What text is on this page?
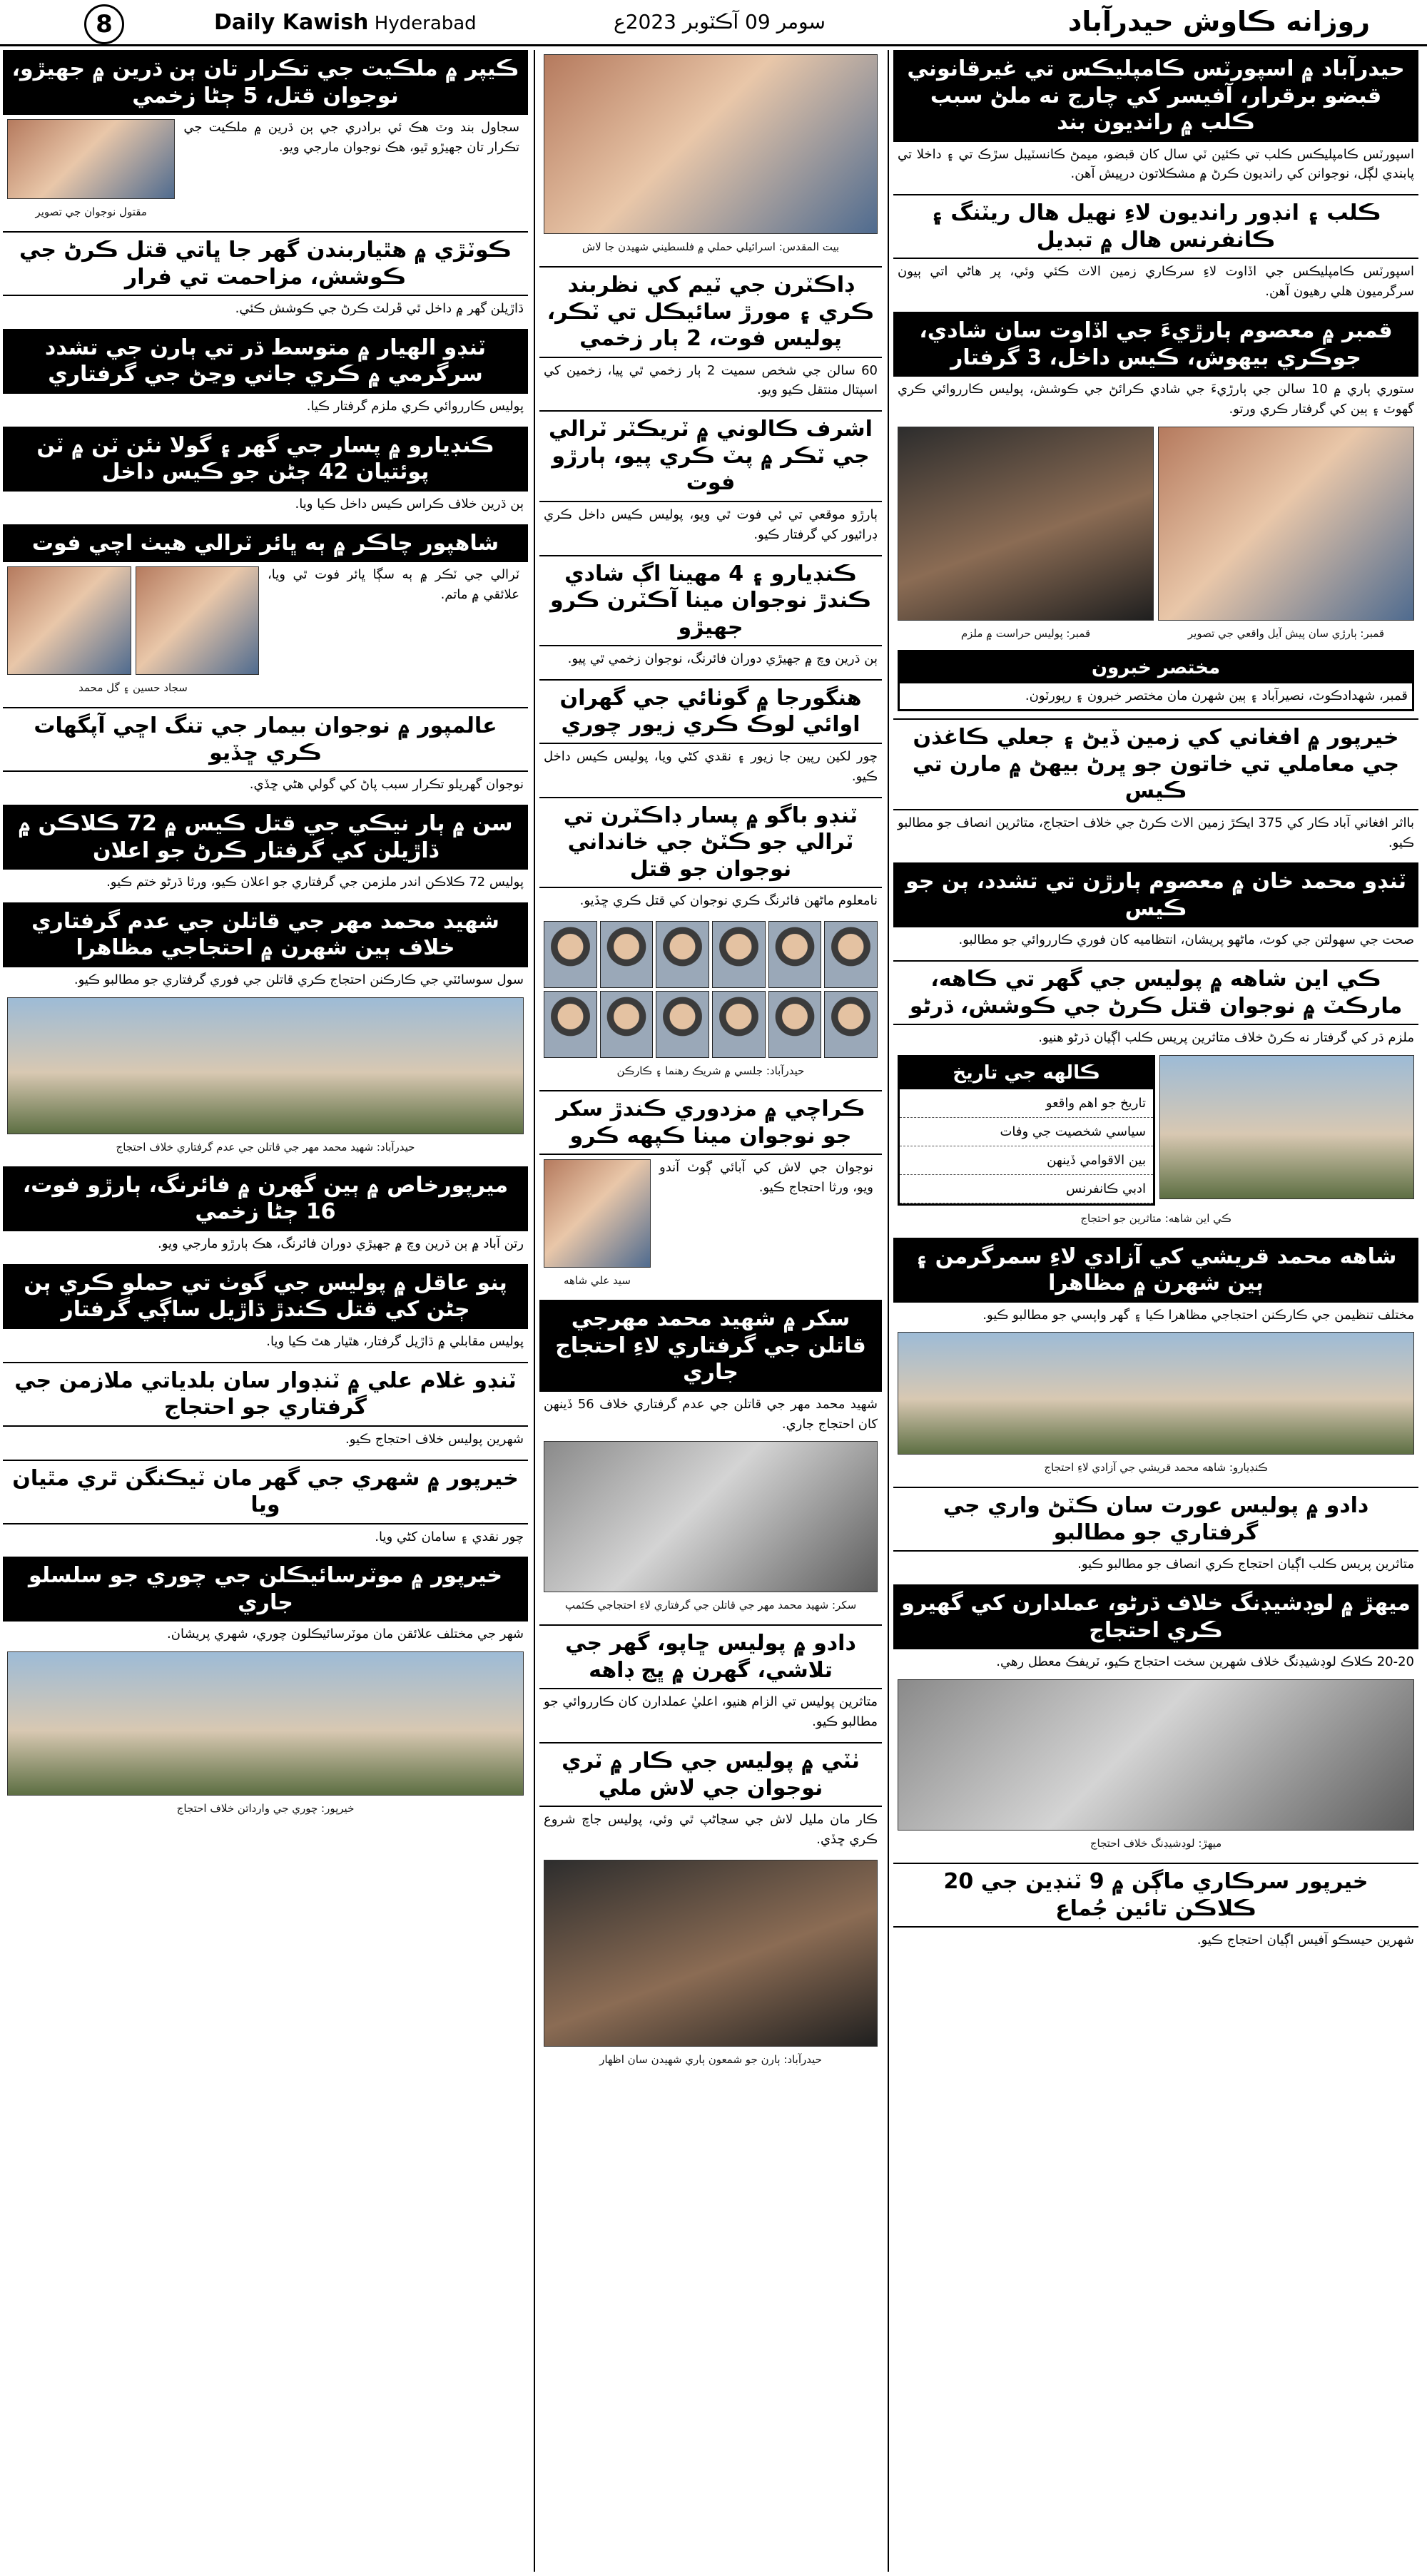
8	Daily Kawish Hyderabad	سومر 09 آڪٽوبر 2023ع	روزانه ڪاوش حيدرآباد
حيدرآباد ۾ اسپورٽس ڪامپليڪس تي غيرقانوني قبضو برقرار، آفيسر کي چارج نه ملڻ سبب ڪلب ۾ رانديون بند
اسپورٽس ڪامپليڪس ڪلب تي ڪئين ٽي سال کان قبضو، ميمڻ ڪانسٽيبل سڙڪ تي ۽ داخلا تي پابندي لڳل، نوجوانن کي رانديون ڪرڻ ۾ مشڪلاتون درپيش آهن.
ڪلب ۽ انڊور رانديون لاءِ نهيل هال ريٽنگ ۽ ڪانفرنس هال ۾ تبديل
اسپورٽس ڪامپليڪس جي اڏاوت لاءِ سرڪاري زمين الاٽ ڪئي وئي، پر هاڻي اتي ٻيون سرگرميون هلي رهيون آهن.
قمبر ۾ معصوم ٻارڙيءَ جي اڏاوت سان شادي، جوڪري بيهوش، ڪيس داخل، 3 گرفتار
ستوري ٻاري ۾ 10 سالن جي ٻارڙيءَ جي شادي ڪرائڻ جي ڪوشش، پوليس ڪارروائي ڪري گهوٽ ۽ ٻين کي گرفتار ڪري ورتو.
قمبر: ٻارڙي سان پيش آيل واقعي جي تصوير
قمبر: پوليس حراست ۾ ملزم
مختصر خبرون
قمبر، شهدادڪوٽ، نصيرآباد ۽ ٻين شهرن مان مختصر خبرون ۽ رپورٽون.
خيرپور ۾ افغاني کي زمين ڏيڻ ۽ جعلي ڪاغذن جي معاملي تي خاتون جو ڀرڻ بيهڻ ۾ مارن تي ڪيس
بااثر افغاني آباد ڪار کي 375 ايڪڙ زمين الاٽ ڪرڻ جي خلاف احتجاج، متاثرين انصاف جو مطالبو ڪيو.
ٽنڊو محمد خان ۾ معصوم ٻارڙن تي تشدد، ٻن جو ڪيس
صحت جي سهولتن جي کوٽ، ماڻهو پريشان، انتظاميه کان فوري ڪارروائي جو مطالبو.
ڪي اين شاهه ۾ پوليس جي گهر تي ڪاهه، مارڪٽ ۾ نوجوان قتل ڪرڻ جي ڪوشش، ڌرڻو
ملزم ڌر کي گرفتار نه ڪرڻ خلاف متاثرين پريس ڪلب اڳيان ڌرڻو هنيو.
ڪالهه جي تاريخ
تاريخ جو اهم واقعو
سياسي شخصيت جي وفات
بين الاقوامي ڏينهن
ادبي ڪانفرنس
ڪي اين شاهه: متاثرين جو احتجاج
شاهه محمد قريشي کي آزادي لاءِ سمرگرمن ۽ ٻين شهرن ۾ مظاهرا
مختلف تنظيمن جي ڪارڪنن احتجاجي مظاهرا ڪيا ۽ گهر واپسي جو مطالبو ڪيو.
ڪنڊيارو: شاهه محمد قريشي جي آزادي لاءِ احتجاج
دادو ۾ پوليس عورت سان ڪٽڻ واري جي گرفتاري جو مطالبو
متاثرين پريس ڪلب اڳيان احتجاج ڪري انصاف جو مطالبو ڪيو.
ميهڙ ۾ لوڊشيڊنگ خلاف ڌرڻو، عملدارن کي گهيرو ڪري احتجاج
20-20 ڪلاڪ لوڊشيڊنگ خلاف شهرين سخت احتجاج ڪيو، ٽريفڪ معطل رهي.
ميهڙ: لوڊشيڊنگ خلاف احتجاج
خيرپور سرڪاري ماڳن ۾ 9 ٽنڊين جي 20 ڪلاڪن تائين جُماع
شهرين حيسڪو آفيس اڳيان احتجاج ڪيو.
بيت المقدس: اسرائيلي حملي ۾ فلسطيني شهيدن جا لاش
ڊاڪٽرن جي ٽيم کي نظربند ڪري ۽ مورڙ سائيڪل تي ٽڪر، پوليس فوت، 2 ٻار زخمي
60 سالن جي شخص سميت 2 ٻار زخمي ٿي پيا، زخمين کي اسپتال منتقل ڪيو ويو.
اشرف ڪالوني ۾ ٽريڪٽر ٽرالي جي ٽڪر ۾ پٽ ڪري پيو، ٻارڙو فوت
ٻارڙو موقعي تي ئي فوت ٿي ويو، پوليس ڪيس داخل ڪري ڊرائيور کي گرفتار ڪيو.
ڪنڊيارو ۽ 4 مهينا اڳ شادي ڪندڙ نوجوان مينا آڪٽرن ڪرو جهيڙو
ٻن ڌرين وچ ۾ جهيڙي دوران فائرنگ، نوجوان زخمي ٿي پيو.
هنگورجا ۾ گوٺائي جي گهران اوائي لوڪ ڪري زيور چوري
چور لکين رپين جا زيور ۽ نقدي کڻي ويا، پوليس ڪيس داخل ڪيو.
ٽنڊو باگو ۾ پسار ڊاڪٽرن تي ٽرالي جو ڪٽڻ جي خانداني نوجوان جو قتل
نامعلوم ماڻهن فائرنگ ڪري نوجوان کي قتل ڪري ڇڏيو.
حيدرآباد: جلسي ۾ شريڪ رهنما ۽ ڪارڪن
ڪراچي ۾ مزدوري ڪندڙ سکر جو نوجوان مينا ڪپهه ڪرو
نوجوان جي لاش کي آبائي ڳوٺ آندو ويو، ورثا احتجاج ڪيو.
سيد علي شاهه
سکر ۾ شهيد محمد مهرجي قاتلن جي گرفتاري لاءِ احتجاج جاري
شهيد محمد مهر جي قاتلن جي عدم گرفتاري خلاف 56 ڏينهن کان احتجاج جاري.
سکر: شهيد محمد مهر جي قاتلن جي گرفتاري لاءِ احتجاجي ڪئمپ
دادو ۾ پوليس ڇاپو، گهر جي تلاشي، گهرن ۾ ڀڃ ڊاهه
متاثرين پوليس تي الزام هنيو، اعليٰ عملدارن کان ڪارروائي جو مطالبو ڪيو.
ٺٽي ۾ پوليس جي ڪار ۾ ٽري نوجوان جي لاش ملي
ڪار مان مليل لاش جي سڃاڻپ ٿي وئي، پوليس جاچ شروع ڪري ڇڏي.
حيدرآباد: ٻارن جو شمعون ٻاري شهيدن سان اظهار
ڪيپر ۾ ملڪيت جي تڪرار تان ٻن ڌرين ۾ جهيڙو، نوجوان قتل، 5 ڄڻا زخمي
سجاول بند وٽ هڪ ئي برادري جي ٻن ڌرين ۾ ملڪيت جي تڪرار تان جهيڙو ٿيو، هڪ نوجوان مارجي ويو.
مقتول نوجوان جي تصوير
ڪوٽڙي ۾ هٿياربندن گهر جا ڀاتي قتل ڪرڻ جي ڪوشش، مزاحمت تي فرار
ڌاڙيلن گهر ۾ داخل ٿي ڦرلٽ ڪرڻ جي ڪوشش ڪئي.
ٽنڊو الهيار ۾ متوسط ڌر تي ٻارن جي تشدد سرگرمي ۾ ڪري جاني وڃڻ جي گرفتاري
پوليس ڪارروائي ڪري ملزم گرفتار ڪيا.
ڪنڊيارو ۾ پسار جي گهر ۽ گولا نئن ٽن ۾ ٽن پوئتيان 42 ڄڻن جو ڪيس داخل
ٻن ڌرين خلاف ڪراس ڪيس داخل ڪيا ويا.
شاهپور چاڪر ۾ ٻه ڀائر ٽرالي هيٺ اچي فوت
ٽرالي جي ٽڪر ۾ ٻه سڳا ڀائر فوت ٿي ويا، علائقي ۾ ماتم.
سجاد حسين ۽ گل محمد
عالمپور ۾ نوجوان بيمار جي تنگ اڇي آپگهات ڪري ڇڏيو
نوجوان گهريلو تڪرار سبب پاڻ کي گولي هڻي ڇڏي.
سن ۾ ٻار نيڪي جي قتل ڪيس ۾ 72 ڪلاڪن ۾ ڌاڙيلن کي گرفتار ڪرڻ جو اعلان
پوليس 72 ڪلاڪن اندر ملزمن جي گرفتاري جو اعلان ڪيو، ورثا ڌرڻو ختم ڪيو.
شهيد محمد مهر جي قاتلن جي عدم گرفتاري خلاف ٻين شهرن ۾ احتجاجي مظاهرا
سول سوسائٽي جي ڪارڪنن احتجاج ڪري قاتلن جي فوري گرفتاري جو مطالبو ڪيو.
حيدرآباد: شهيد محمد مهر جي قاتلن جي عدم گرفتاري خلاف احتجاج
ميرپورخاص ۾ ٻين گهرن ۾ فائرنگ، ٻارڙو فوت، 16 ڄڻا زخمي
رتن آباد ۾ ٻن ڌرين وچ ۾ جهيڙي دوران فائرنگ، هڪ ٻارڙو مارجي ويو.
پنو عاقل ۾ پوليس جي گوٺ تي حملو ڪري ٻن ڄڻن کي قتل ڪندڙ ڌاڙيل ساڳي گرفتار
پوليس مقابلي ۾ ڌاڙيل گرفتار، هٿيار هٿ ڪيا ويا.
ٽنڊو غلام علي ۾ ٽنڊوار سان بلدياتي ملازمن جي گرفتاري جو احتجاج
شهرين پوليس خلاف احتجاج ڪيو.
خيرپور ۾ شهري جي گهر مان ٽيڪنگن ٿري مٿيان ويا
چور نقدي ۽ سامان کڻي ويا.
خيرپور ۾ موٽرسائيڪلن جي چوري جو سلسلو جاري
شهر جي مختلف علائقن مان موٽرسائيڪلون چوري، شهري پريشان.
خيرپور: چوري جي وارداتن خلاف احتجاج
